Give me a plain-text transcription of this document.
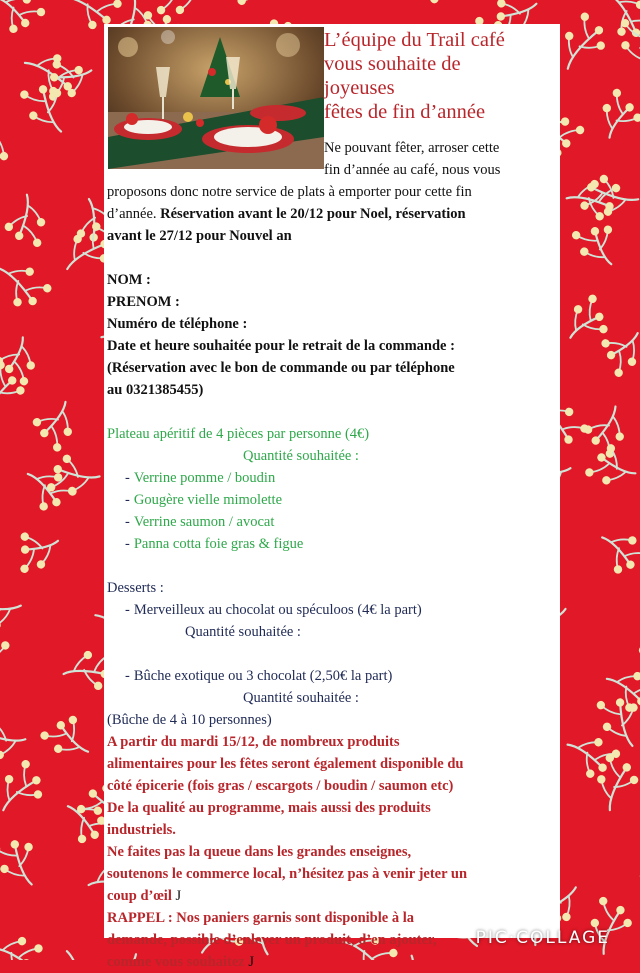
L’équipe du Trail café
vous souhaite de
joyeuses
fêtes de fin d’année
Ne pouvant fêter, arroser cette
fin d’année au café, nous vous
proposons donc notre service de plats à emporter pour cette fin
d’année. Réservation avant le 20/12 pour Noel, réservation
avant le 27/12 pour Nouvel an
NOM :
PRENOM :
Numéro de téléphone :
Date et heure souhaitée pour le retrait de la commande :
(Réservation avec le bon de commande ou par téléphone
au 0321385455)
Plateau apéritif de 4 pièces par personne (4€)
Quantité souhaitée :
- Verrine pomme / boudin
- Gougère vielle mimolette
- Verrine saumon / avocat
- Panna cotta foie gras & figue
Desserts :
- Merveilleux au chocolat ou spéculoos (4€ la part)
Quantité souhaitée :
- Bûche exotique ou 3 chocolat (2,50€ la part)
Quantité souhaitée :
(Bûche de 4 à 10 personnes)
A partir du mardi 15/12, de nombreux produits
alimentaires pour les fêtes seront également disponible du
côté épicerie (fois gras / escargots / boudin / saumon etc)
De la qualité au programme, mais aussi des produits
industriels.
Ne faites pas la queue dans les grandes enseignes,
soutenons le commerce local, n’hésitez pas à venir jeter un
coup d’œil J
RAPPEL : Nos paniers garnis sont disponible à la
demande, possible d’enlever un produit, d’en ajouter,
comme vous souhaitez J
PIC·COLLAGE
